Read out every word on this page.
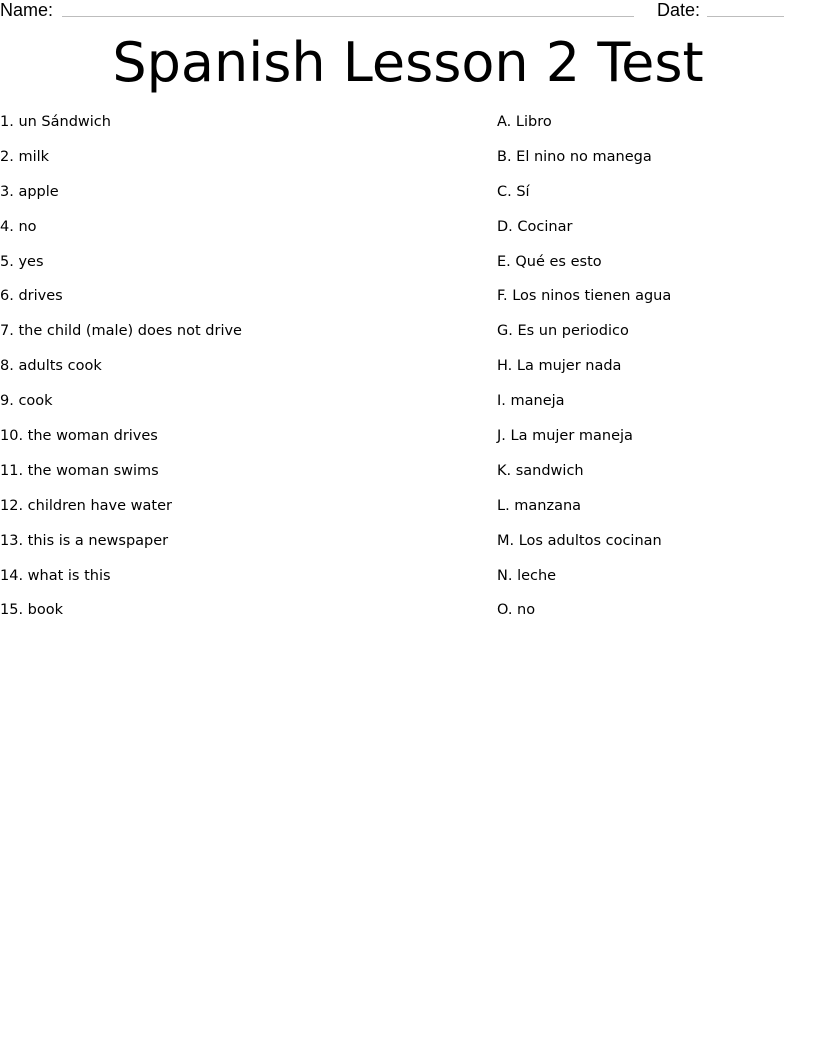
Name:	Date:
Spanish Lesson 2 Test
1. un Sándwich
2. milk
3. apple
4. no
5. yes
6. drives
7. the child (male) does not drive
8. adults cook
9. cook
10. the woman drives
11. the woman swims
12. children have water
13. this is a newspaper
14. what is this
15. book
A. Libro
B. El nino no manega
C. Sí
D. Cocinar
E. Qué es esto
F. Los ninos tienen agua
G. Es un periodico
H. La mujer nada
I. maneja
J. La mujer maneja
K. sandwich
L. manzana
M. Los adultos cocinan
N. leche
O. no
